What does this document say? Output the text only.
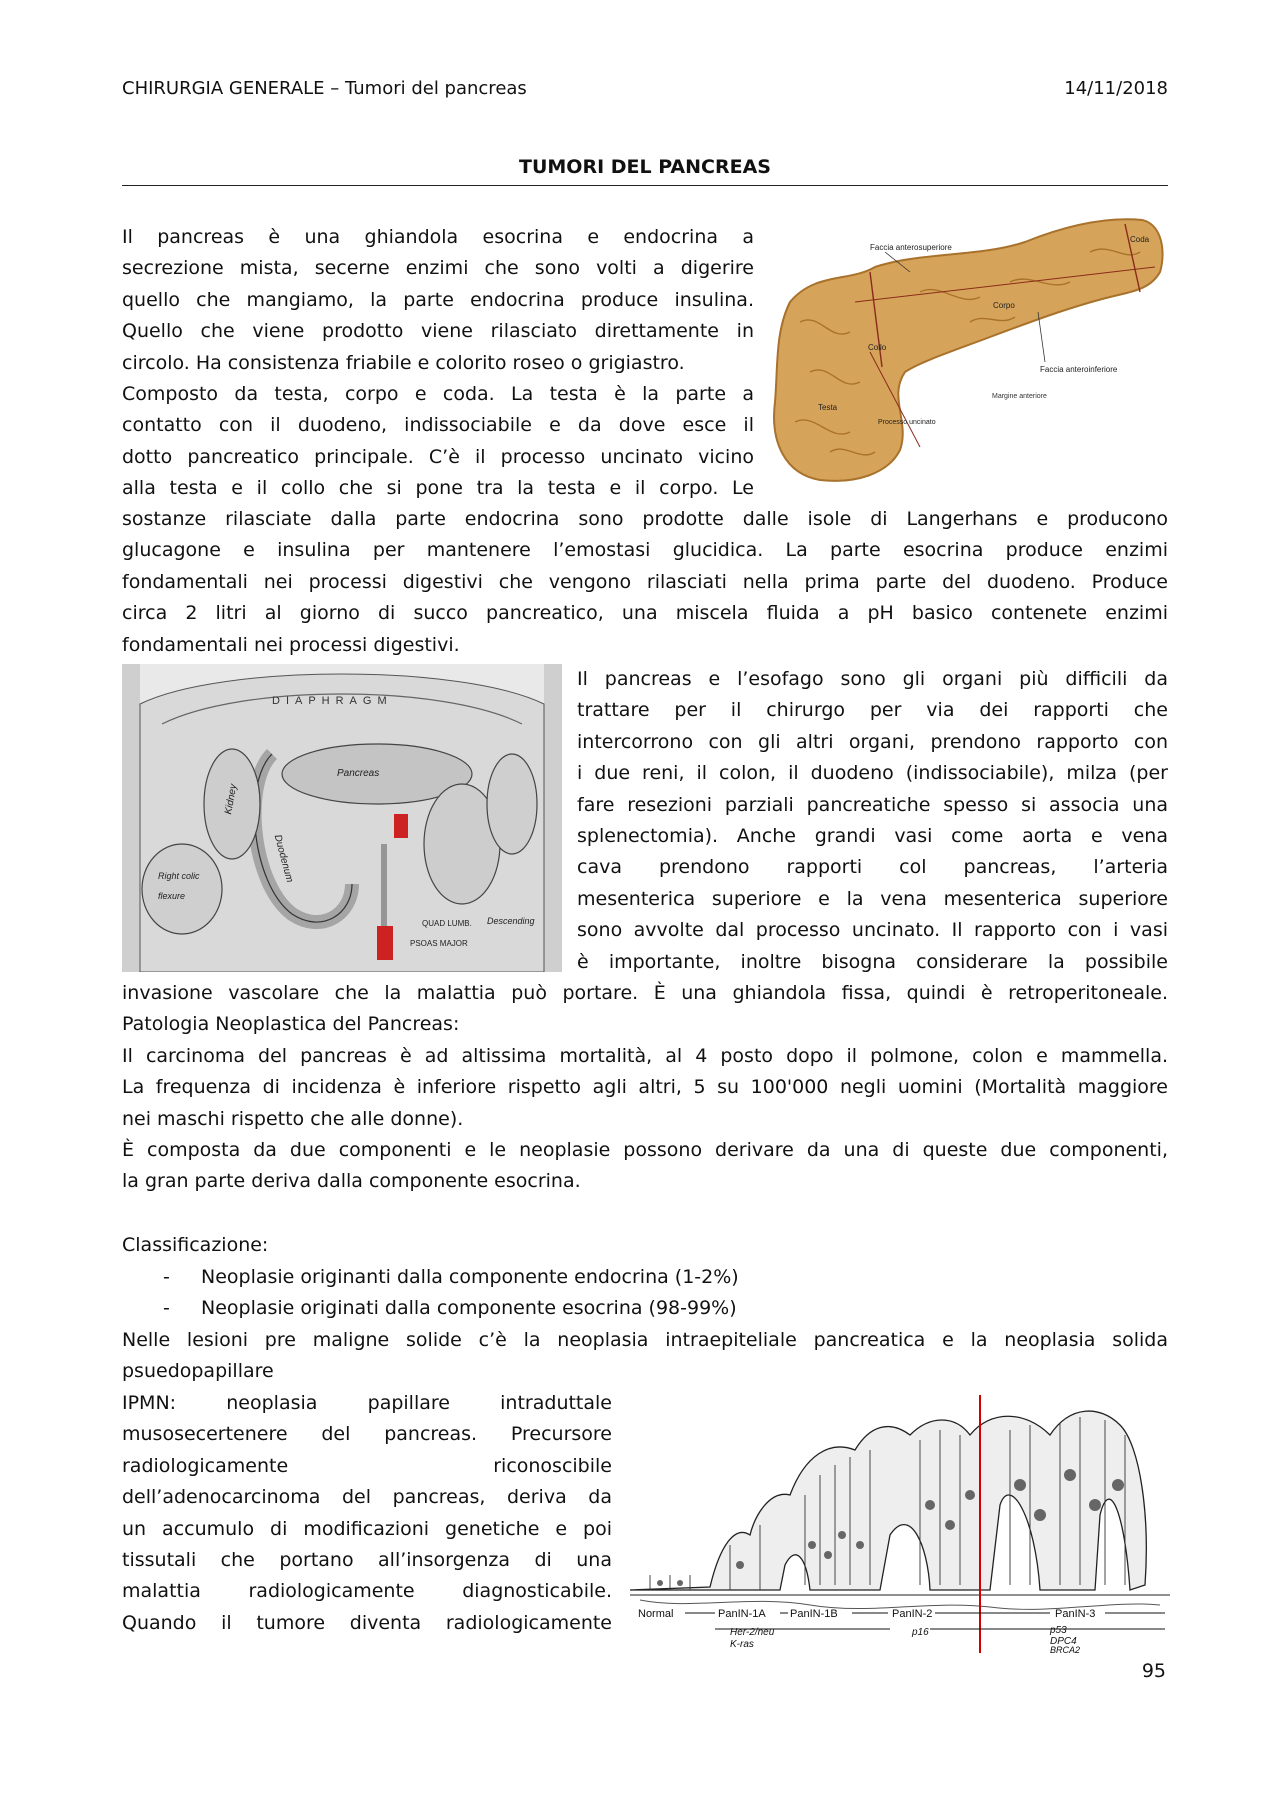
CHIRURGIA GENERALE – Tumori del pancreas	14/11/2018
TUMORI DEL PANCREAS
Il pancreas è una ghiandola esocrina e endocrina a
secrezione mista, secerne enzimi che sono volti a digerire
quello che mangiamo, la parte endocrina produce insulina.
Quello che viene prodotto viene rilasciato direttamente in
circolo. Ha consistenza friabile e colorito roseo o grigiastro.
Composto da testa, corpo e coda. La testa è la parte a
contatto con il duodeno, indissociabile e da dove esce il
dotto pancreatico principale. C’è il processo uncinato vicino
alla testa e il collo che si pone tra la testa e il corpo. Le
sostanze rilasciate dalla parte endocrina sono prodotte dalle isole di Langerhans e producono
glucagone e insulina per mantenere l’emostasi glucidica. La parte esocrina produce enzimi
fondamentali nei processi digestivi che vengono rilasciati nella prima parte del duodeno. Produce
circa 2 litri al giorno di succo pancreatico, una miscela fluida a pH basico contenete enzimi
fondamentali nei processi digestivi.
Faccia anterosuperiore
Coda
Corpo
Collo
Faccia anteroinferiore
Margine anteriore
Testa
Processo uncinato
DIAPHRAGM
Pancreas
Kidney
Duodenum
Right colic
flexure
Descending
QUAD LUMB.
PSOAS MAJOR
Il pancreas e l’esofago sono gli organi più difficili da
trattare per il chirurgo per via dei rapporti che
intercorrono con gli altri organi, prendono rapporto con
i due reni, il colon, il duodeno (indissociabile), milza (per
fare resezioni parziali pancreatiche spesso si associa una
splenectomia). Anche grandi vasi come aorta e vena
cava prendono rapporti col pancreas, l’arteria
mesenterica superiore e la vena mesenterica superiore
sono avvolte dal processo uncinato. Il rapporto con i vasi
è importante, inoltre bisogna considerare la possibile
invasione vascolare che la malattia può portare. È una ghiandola fissa, quindi è retroperitoneale.
Patologia Neoplastica del Pancreas:
Il carcinoma del pancreas è ad altissima mortalità, al 4 posto dopo il polmone, colon e mammella.
La frequenza di incidenza è inferiore rispetto agli altri, 5 su 100'000 negli uomini (Mortalità maggiore
nei maschi rispetto che alle donne).
È composta da due componenti e le neoplasie possono derivare da una di queste due componenti,
la gran parte deriva dalla componente esocrina.
Classificazione:
- Neoplasie originanti dalla componente endocrina (1-2%)
- Neoplasie originati dalla componente esocrina (98-99%)
Nelle lesioni pre maligne solide c’è la neoplasia intraepiteliale pancreatica e la neoplasia solida
psuedopapillare
IPMN: neoplasia papillare intraduttale
musosecertenere del pancreas. Precursore
radiologicamente riconoscibile
dell’adenocarcinoma del pancreas, deriva da
un accumulo di modificazioni genetiche e poi
tissutali che portano all’insorgenza di una
malattia radiologicamente diagnosticabile.
Quando il tumore diventa radiologicamente Normal	PanIN-1A PanIN-1B	PanIN-2	PanIN-3
Her-2/neu
K-ras
p16	p53
DPC4
BRCA2
95
